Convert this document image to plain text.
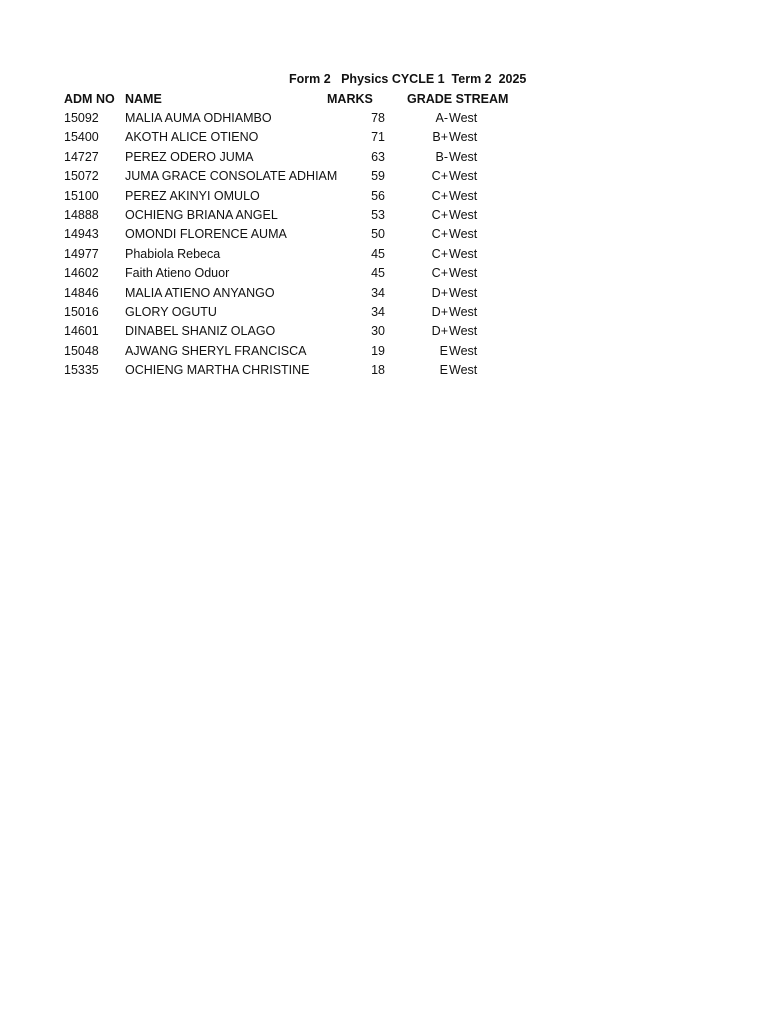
Form 2   Physics CYCLE 1  Term 2  2025
ADM NO NAME	MARKS	GRADE STREAM
15092 MALIA AUMA ODHIAMBO	78	A- West
15400 AKOTH ALICE OTIENO	71	B+ West
14727 PEREZ ODERO JUMA	63	B- West
15072 JUMA GRACE CONSOLATE ADHIAM	59	C+ West
15100 PEREZ AKINYI OMULO	56	C+ West
14888 OCHIENG BRIANA ANGEL	53	C+ West
14943 OMONDI FLORENCE AUMA	50	C+ West
14977 Phabiola Rebeca	45	C+ West
14602 Faith Atieno Oduor	45	C+ West
14846 MALIA ATIENO ANYANGO	34	D+ West
15016 GLORY OGUTU	34	D+ West
14601 DINABEL SHANIZ OLAGO	30	D+ West
15048 AJWANG SHERYL FRANCISCA	19	E West
15335 OCHIENG MARTHA CHRISTINE	18	E West
